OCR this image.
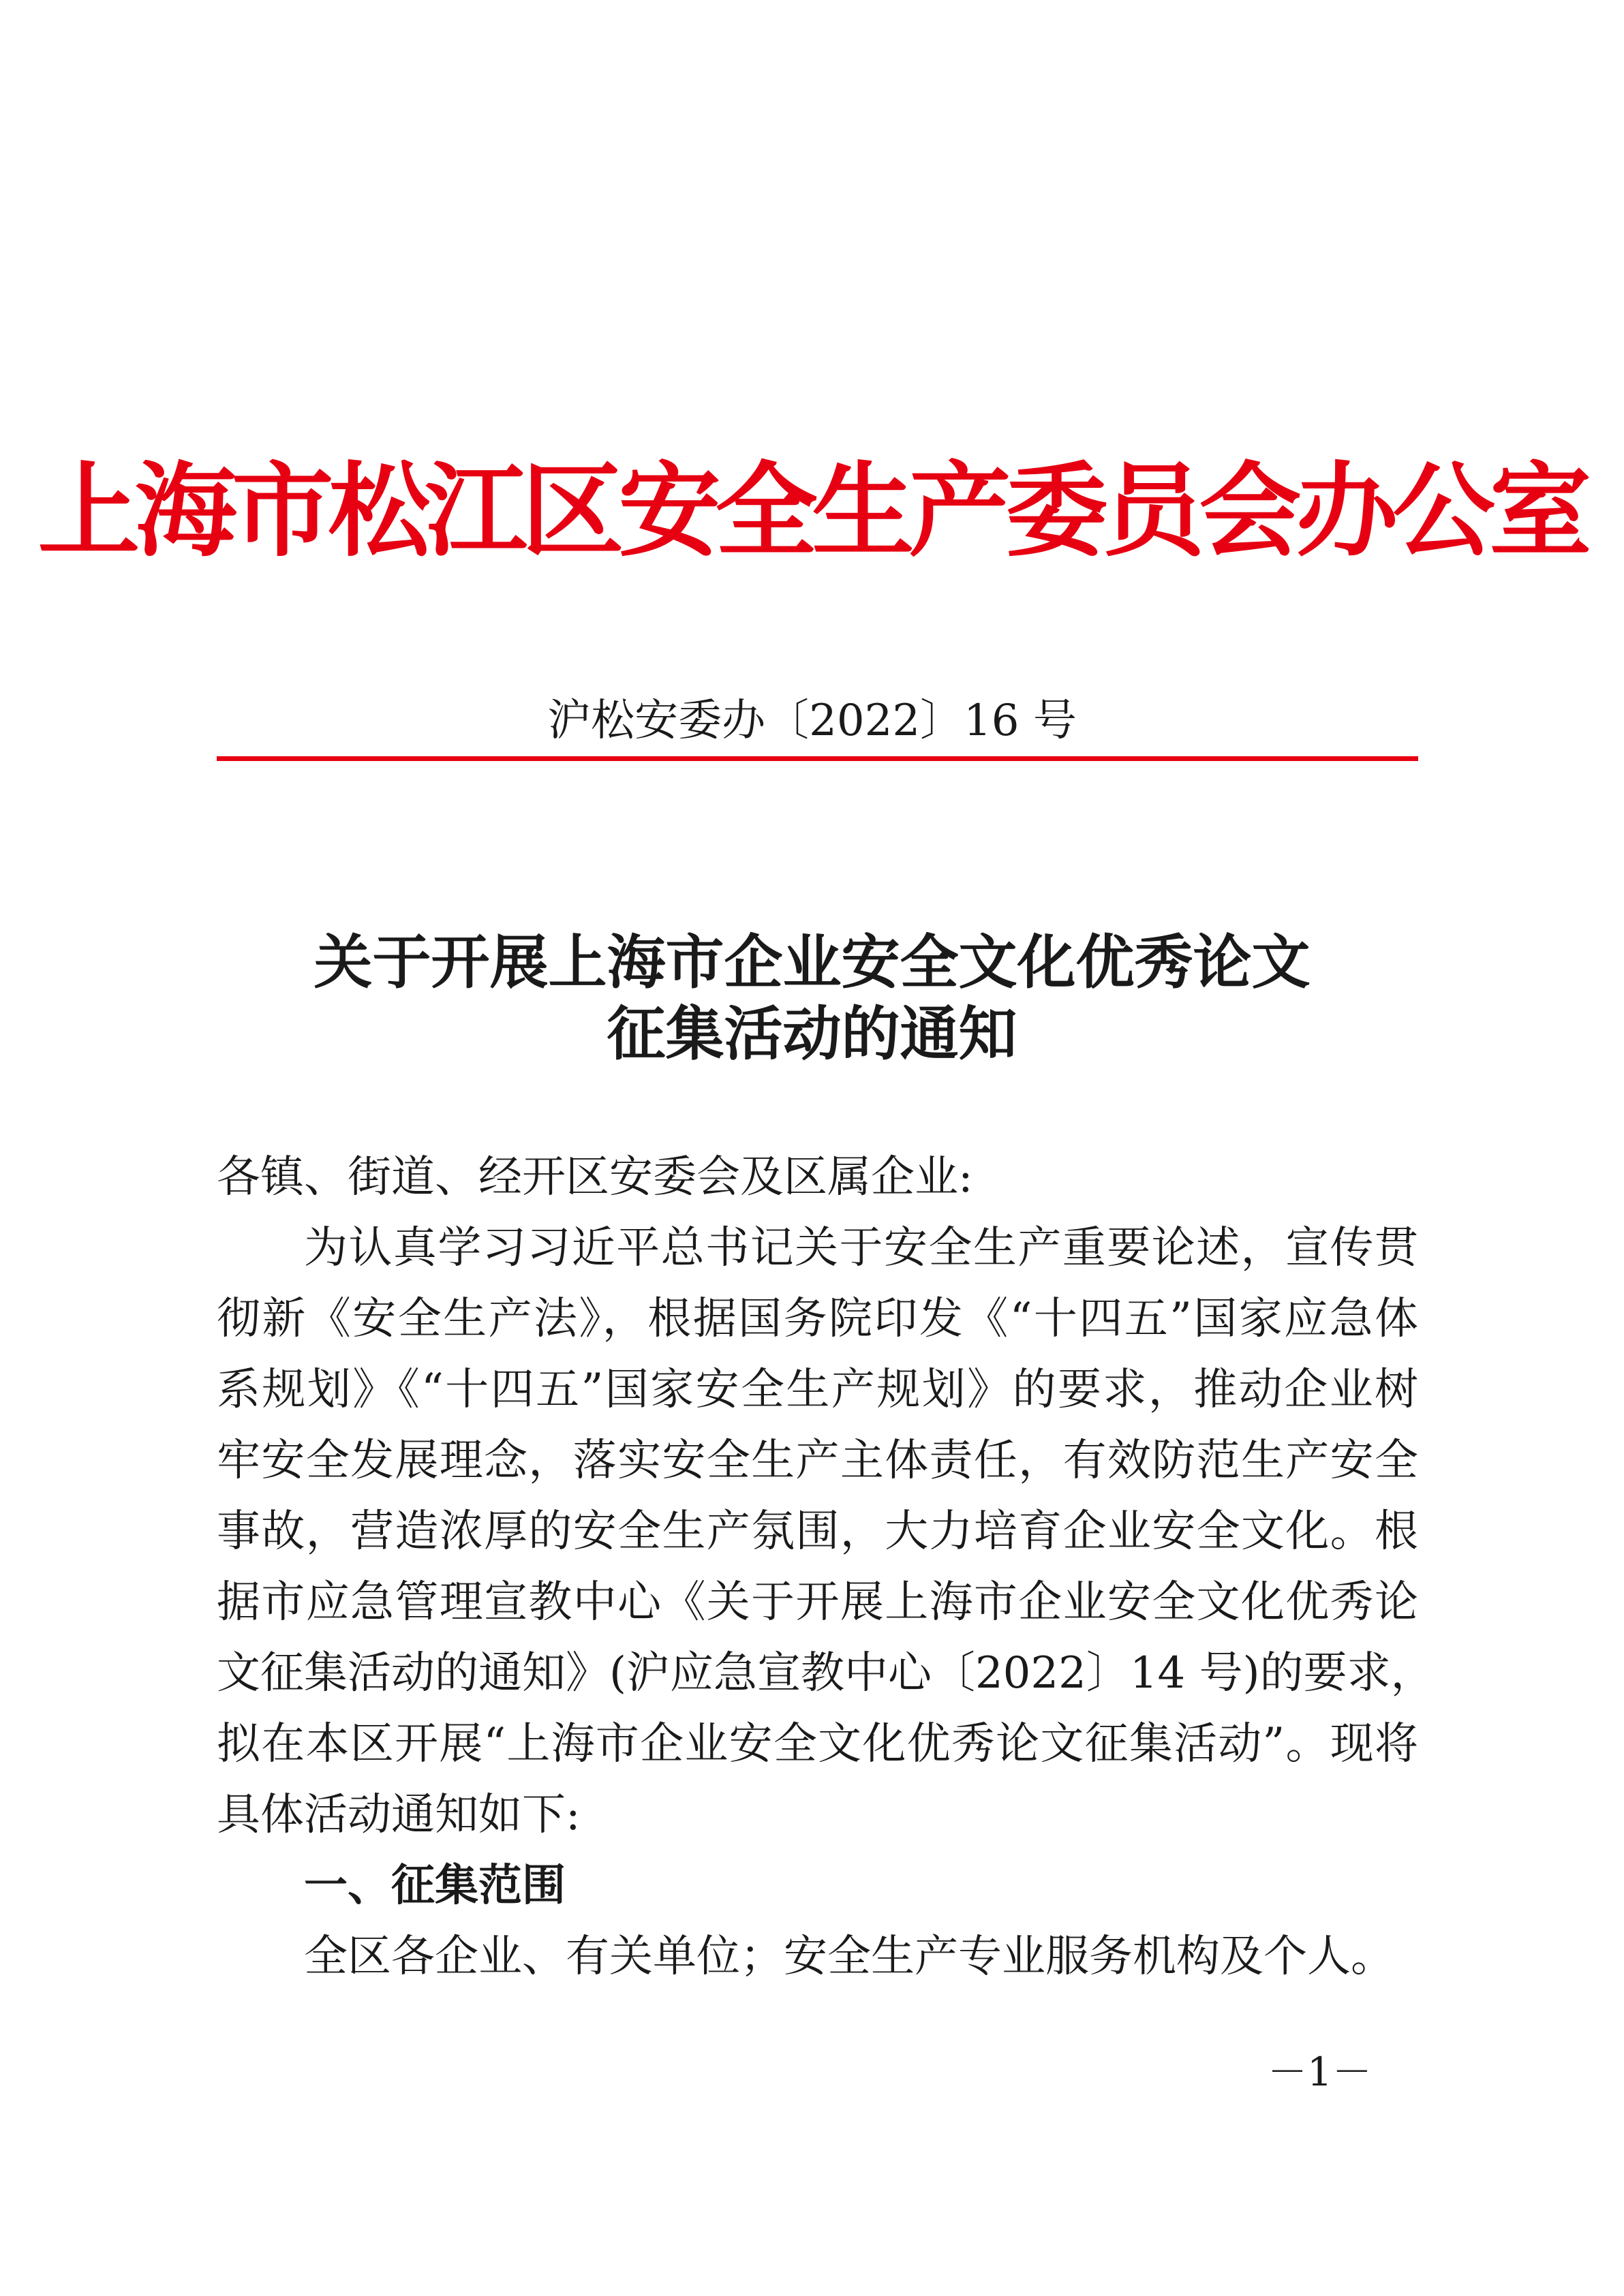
上海市松江区安全生产委员会办公室
沪松安委办〔2022〕16 号
关于开展上海市企业安全文化优秀论文
征集活动的通知
各镇、街道、经开区安委会及区属企业:
为认真学习习近平总书记关于安全生产重要论述，宣传贯
彻新《安全生产法》，根据国务院印发《“十四五”国家应急体
系规划》《“十四五”国家安全生产规划》的要求，推动企业树
牢安全发展理念，落实安全生产主体责任，有效防范生产安全
事故，营造浓厚的安全生产氛围，大力培育企业安全文化。根
据市应急管理宣教中心《关于开展上海市企业安全文化优秀论
文征集活动的通知》(沪应急宣教中心〔2022〕14 号)的要求，
拟在本区开展“上海市企业安全文化优秀论文征集活动”。现将
具体活动通知如下:
一、征集范围
全区各企业、有关单位；安全生产专业服务机构及个人。
－1－
